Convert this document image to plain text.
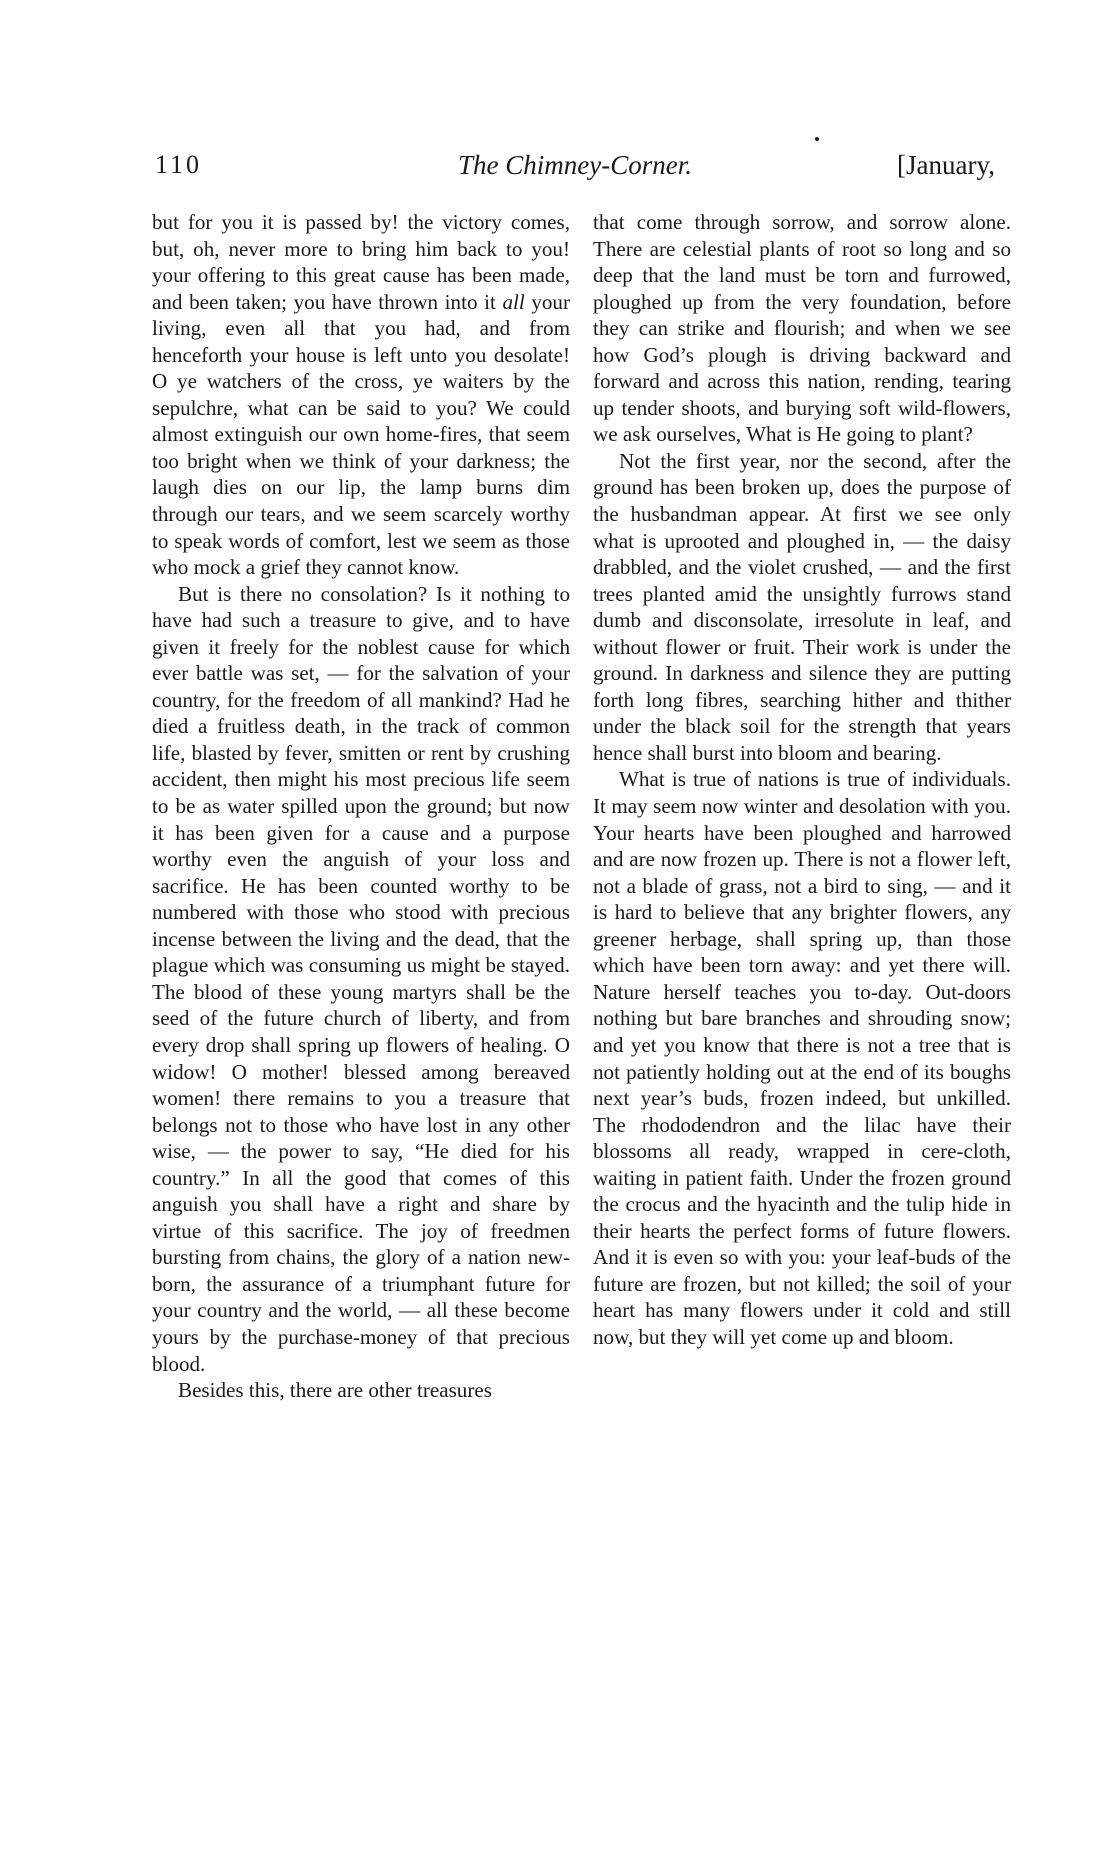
110	The Chimney-Corner.	[January,

but for you it is passed by! the victory comes, but, oh, never more to bring him back to you! your offering to this great cause has been made, and been taken; you have thrown into it all your living, even all that you had, and from henceforth your house is left unto you desolate! O ye watchers of the cross, ye waiters by the sepulchre, what can be said to you? We could almost extinguish our own home-fires, that seem too bright when we think of your darkness; the laugh dies on our lip, the lamp burns dim through our tears, and we seem scarcely worthy to speak words of comfort, lest we seem as those who mock a grief they cannot know.

But is there no consolation? Is it nothing to have had such a treasure to give, and to have given it freely for the noblest cause for which ever battle was set, — for the salvation of your country, for the freedom of all mankind? Had he died a fruitless death, in the track of common life, blasted by fever, smitten or rent by crushing accident, then might his most precious life seem to be as water spilled upon the ground; but now it has been given for a cause and a purpose worthy even the anguish of your loss and sacrifice. He has been counted worthy to be numbered with those who stood with precious incense between the living and the dead, that the plague which was consuming us might be stayed. The blood of these young martyrs shall be the seed of the future church of liberty, and from every drop shall spring up flowers of healing. O widow! O mother! blessed among bereaved women! there remains to you a treasure that belongs not to those who have lost in any other wise, — the power to say, “He died for his country.” In all the good that comes of this anguish you shall have a right and share by virtue of this sacrifice. The joy of freedmen bursting from chains, the glory of a nation new-born, the assurance of a triumphant future for your country and the world, — all these become yours by the purchase-money of that precious blood.

Besides this, there are other treasures

that come through sorrow, and sorrow alone. There are celestial plants of root so long and so deep that the land must be torn and furrowed, ploughed up from the very foundation, before they can strike and flourish; and when we see how God’s plough is driving backward and forward and across this nation, rending, tearing up tender shoots, and burying soft wild-flowers, we ask ourselves, What is He going to plant?

Not the first year, nor the second, after the ground has been broken up, does the purpose of the husbandman appear. At first we see only what is uprooted and ploughed in, — the daisy drabbled, and the violet crushed, — and the first trees planted amid the unsightly furrows stand dumb and disconsolate, irresolute in leaf, and without flower or fruit. Their work is under the ground. In darkness and silence they are putting forth long fibres, searching hither and thither under the black soil for the strength that years hence shall burst into bloom and bearing.

What is true of nations is true of individuals. It may seem now winter and desolation with you. Your hearts have been ploughed and harrowed and are now frozen up. There is not a flower left, not a blade of grass, not a bird to sing, — and it is hard to believe that any brighter flowers, any greener herbage, shall spring up, than those which have been torn away: and yet there will. Nature herself teaches you to-day. Out-doors nothing but bare branches and shrouding snow; and yet you know that there is not a tree that is not patiently holding out at the end of its boughs next year’s buds, frozen indeed, but unkilled. The rhododendron and the lilac have their blossoms all ready, wrapped in cere-cloth, waiting in patient faith. Under the frozen ground the crocus and the hyacinth and the tulip hide in their hearts the perfect forms of future flowers. And it is even so with you: your leaf-buds of the future are frozen, but not killed; the soil of your heart has many flowers under it cold and still now, but they will yet come up and bloom.
